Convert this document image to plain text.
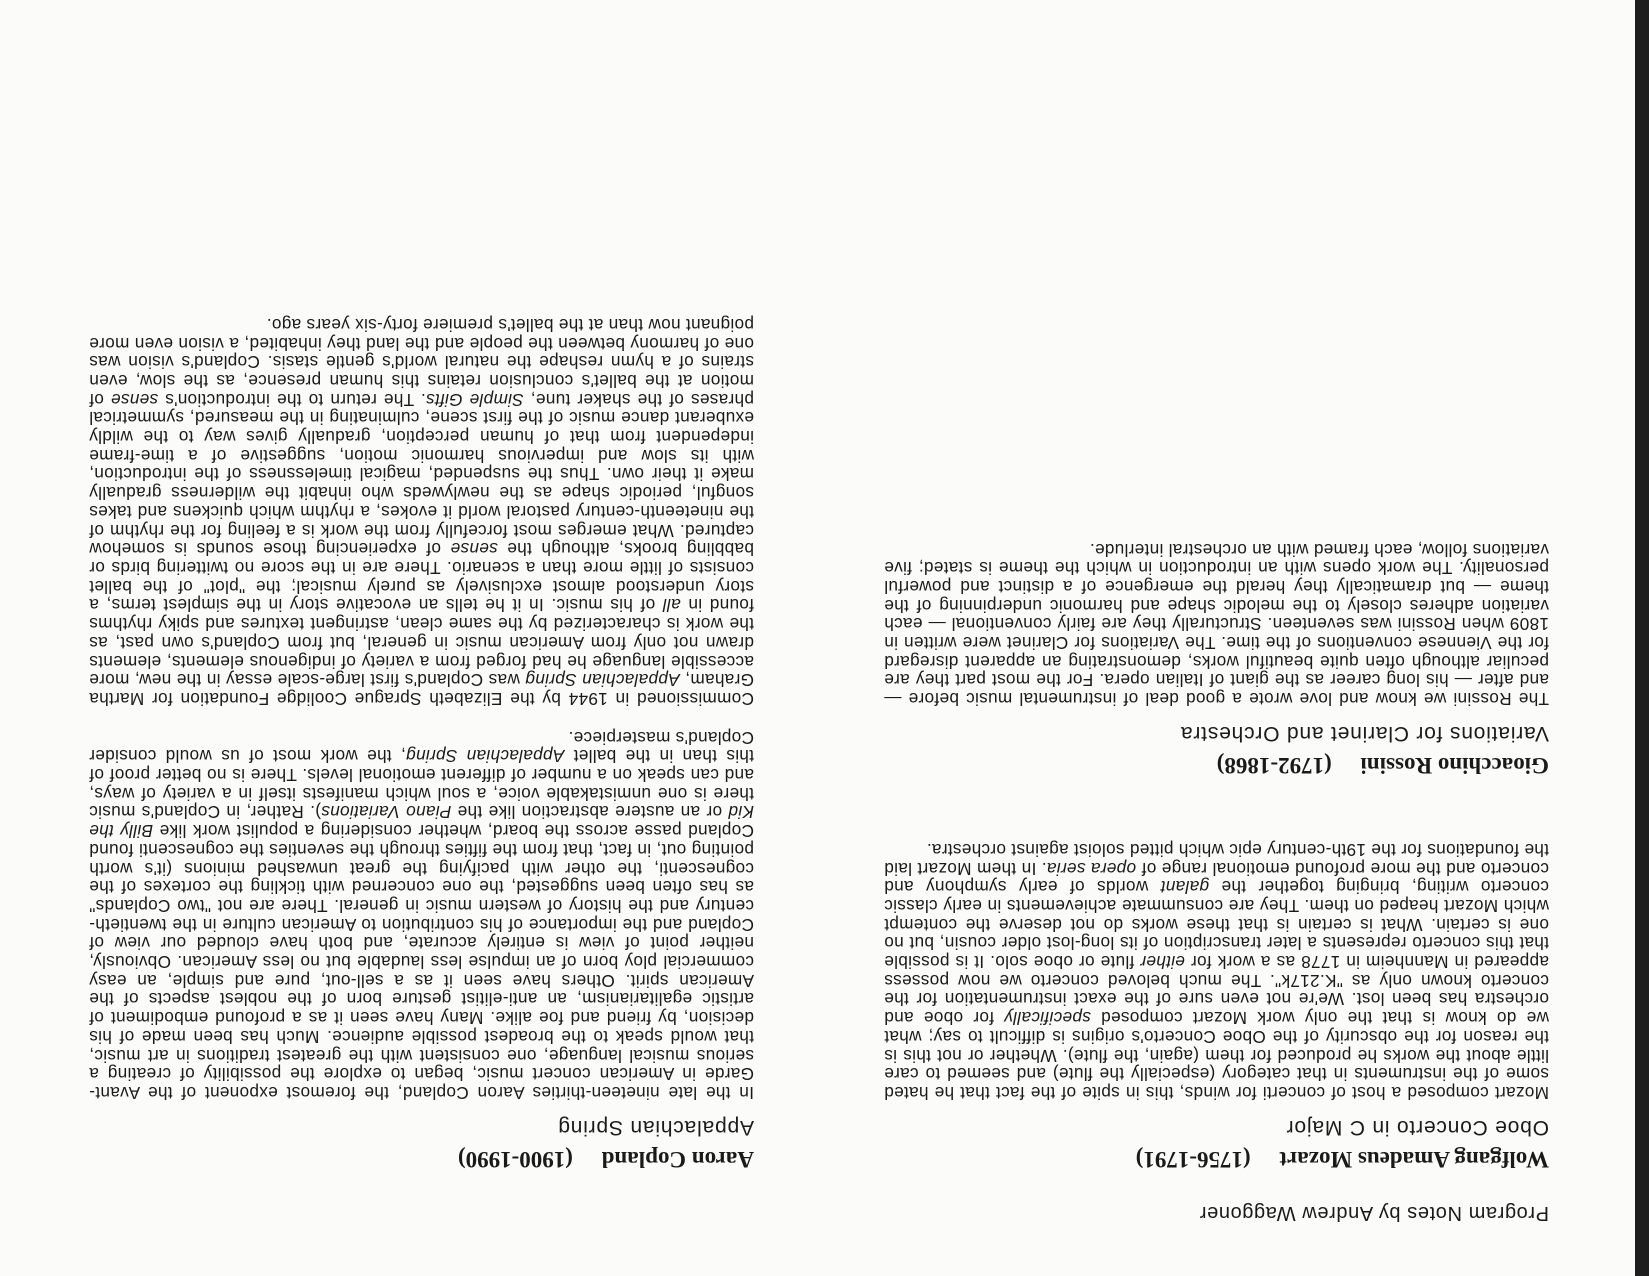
Program Notes by Andrew Waggoner
Wolfgang Amadeus Mozart     (1756-1791)
Oboe Concerto in C Major

Mozart composed a host of concerti for winds, this in spite of the fact that he hated some of the instruments in that category (especially the flute) and seemed to care little about the works he produced for them (again, the flute). Whether or not this is the reason for the obscurity of the Oboe Concerto's origins is difficult to say; what we do know is that the only work Mozart composed specifically for oboe and orchestra has been lost. We're not even sure of the exact instrumentation for the concerto known only as "K.217k". The much beloved concerto we now possess appeared in Mannheim in 1778 as a work for either flute or oboe solo. It is possible that this concerto represents a later transcription of its long-lost older cousin, but no one is certain. What is certain is that these works do not deserve the contempt which Mozart heaped on them. They are consummate achievements in early classic concerto writing, bringing together the galant worlds of early symphony and concerto and the more profound emotional range of opera seria. In them Mozart laid the foundations for the 19th-century epic which pitted soloist against orchestra.

Gioacchino Rossini     (1792-1868)
Variations for Clarinet and Orchestra

The Rossini we know and love wrote a good deal of instrumental music before — and after — his long career as the giant of Italian opera. For the most part they are peculiar although often quite beautiful works, demonstrating an apparent disregard for the Viennese conventions of the time. The Variations for Clarinet were written in 1809 when Rossini was seventeen. Structurally they are fairly conventional — each variation adheres closely to the melodic shape and harmonic underpinning of the theme — but dramatically they herald the emergence of a distinct and powerful personality. The work opens with an introduction in which the theme is stated; five variations follow, each framed with an orchestral interlude.

Aaron Copland     (1900-1990)
Appalachian Spring

In the late nineteen-thirties Aaron Copland, the foremost exponent of the Avant-Garde in American concert music, began to explore the possibility of creating a serious musical language, one consistent with the greatest traditions in art music, that would speak to the broadest possible audience. Much has been made of his decision, by friend and foe alike. Many have seen it as a profound embodiment of artistic egalitarianism, an anti-elitist gesture born of the noblest aspects of the American spirit. Others have seen it as a sell-out, pure and simple, an easy commercial ploy born of an impulse less laudable but no less American. Obviously, neither point of view is entirely accurate, and both have clouded our view of Copland and the importance of his contribution to American culture in the twentieth-century and the history of western music in general. There are not "two Coplands" as has often been suggested, the one concerned with tickling the cortexes of the cognescenti, the other with pacifying the great unwashed minions (it's worth pointing out, in fact, that from the fifties through the seventies the cognescenti found Copland passe across the board, whether considering a populist work like Billy the Kid or an austere abstraction like the Piano Variations). Rather, in Copland's music there is one unmistakable voice, a soul which manifests itself in a variety of ways, and can speak on a number of different emotional levels. There is no better proof of this than in the ballet Appalachian Spring, the work most of us would consider Copland's masterpiece.

Commissioned in 1944 by the Elizabeth Sprague Coolidge Foundation for Martha Graham, Appalachian Spring was Copland's first large-scale essay in the new, more accessible language he had forged from a variety of indigenous elements, elements drawn not only from American music in general, but from Copland's own past, as the work is characterized by the same clean, astringent textures and spiky rhythms found in all of his music. In it he tells an evocative story in the simplest terms, a story understood almost exclusively as purely musical; the "plot" of the ballet consists of little more than a scenario. There are in the score no twittering birds or babbling brooks, although the sense of experiencing those sounds is somehow captured. What emerges most forcefully from the work is a feeling for the rhythm of the nineteenth-century pastoral world it evokes, a rhythm which quickens and takes songful, periodic shape as the newlyweds who inhabit the wilderness gradually make it their own. Thus the suspended, magical timelessness of the introduction, with its slow and impervious harmonic motion, suggestive of a time-frame independent from that of human perception, gradually gives way to the wildly exuberant dance music of the first scene, culminating in the measured, symmetrical phrases of the shaker tune, Simple Gifts. The return to the introduction's sense of motion at the ballet's conclusion retains this human presence, as the slow, even strains of a hymn reshape the natural world's gentle stasis. Copland's vision was one of harmony between the people and the land they inhabited, a vision even more poignant now than at the ballet's premiere forty-six years ago.
